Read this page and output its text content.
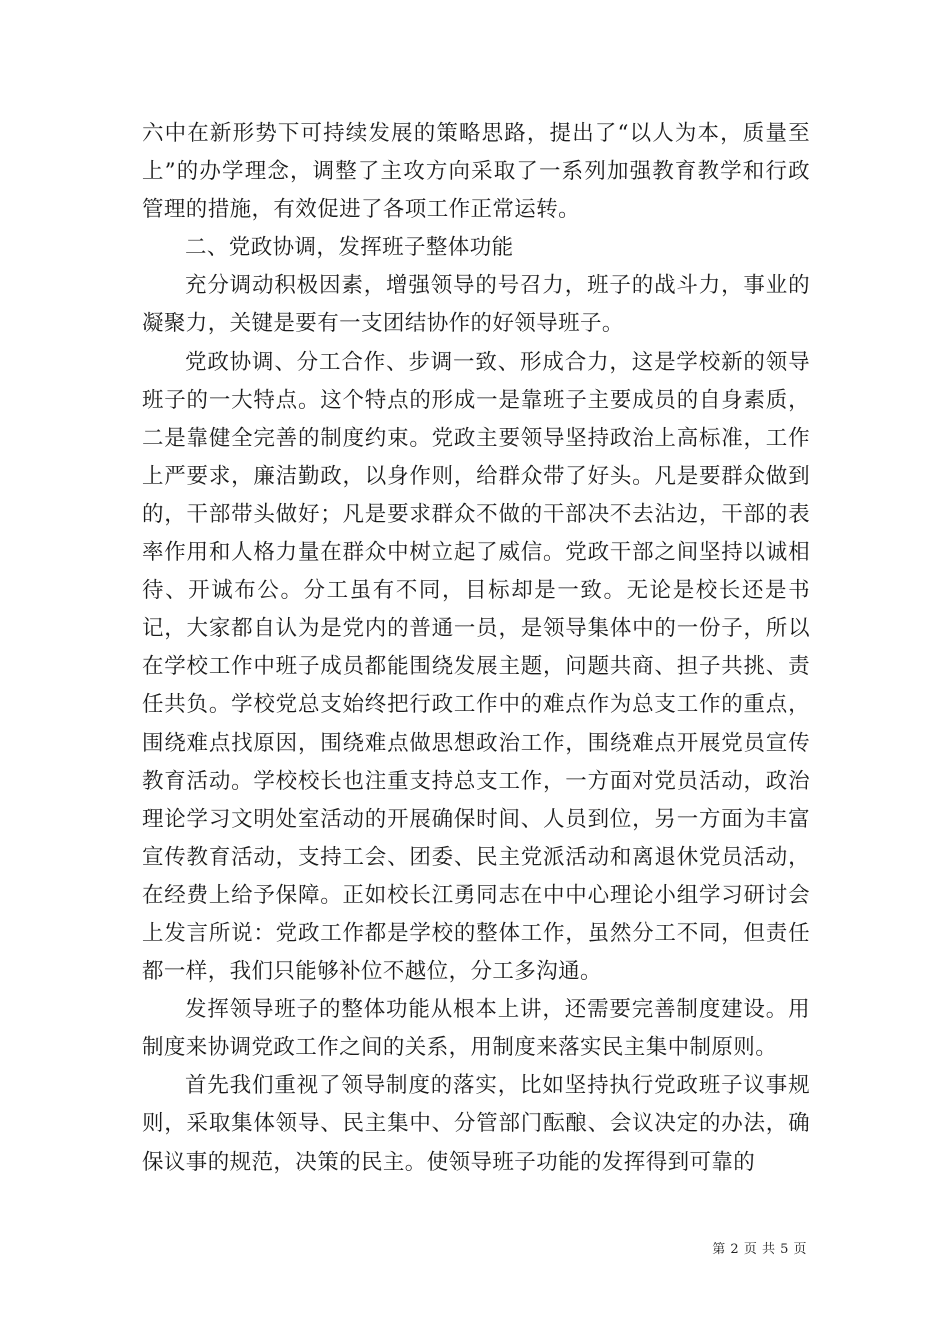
六中在新形势下可持续发展的策略思路，提出了“以人为本，质量至上”的办学理念，调整了主攻方向采取了一系列加强教育教学和行政管理的措施，有效促进了各项工作正常运转。

二、党政协调，发挥班子整体功能

充分调动积极因素，增强领导的号召力，班子的战斗力，事业的凝聚力，关键是要有一支团结协作的好领导班子。

党政协调、分工合作、步调一致、形成合力，这是学校新的领导班子的一大特点。这个特点的形成一是靠班子主要成员的自身素质，二是靠健全完善的制度约束。党政主要领导坚持政治上高标准，工作上严要求，廉洁勤政，以身作则，给群众带了好头。凡是要群众做到的，干部带头做好；凡是要求群众不做的干部决不去沾边，干部的表率作用和人格力量在群众中树立起了威信。党政干部之间坚持以诚相待、开诚布公。分工虽有不同，目标却是一致。无论是校长还是书记，大家都自认为是党内的普通一员，是领导集体中的一份子，所以在学校工作中班子成员都能围绕发展主题，问题共商、担子共挑、责任共负。学校党总支始终把行政工作中的难点作为总支工作的重点，围绕难点找原因，围绕难点做思想政治工作，围绕难点开展党员宣传教育活动。学校校长也注重支持总支工作，一方面对党员活动，政治理论学习文明处室活动的开展确保时间、人员到位，另一方面为丰富宣传教育活动，支持工会、团委、民主党派活动和离退休党员活动，在经费上给予保障。正如校长江勇同志在中中心理论小组学习研讨会上发言所说：党政工作都是学校的整体工作，虽然分工不同，但责任都一样，我们只能够补位不越位，分工多沟通。

发挥领导班子的整体功能从根本上讲，还需要完善制度建设。用制度来协调党政工作之间的关系，用制度来落实民主集中制原则。

首先我们重视了领导制度的落实，比如坚持执行党政班子议事规则，采取集体领导、民主集中、分管部门酝酿、会议决定的办法，确保议事的规范，决策的民主。使领导班子功能的发挥得到可靠的

第 2 页 共 5 页
